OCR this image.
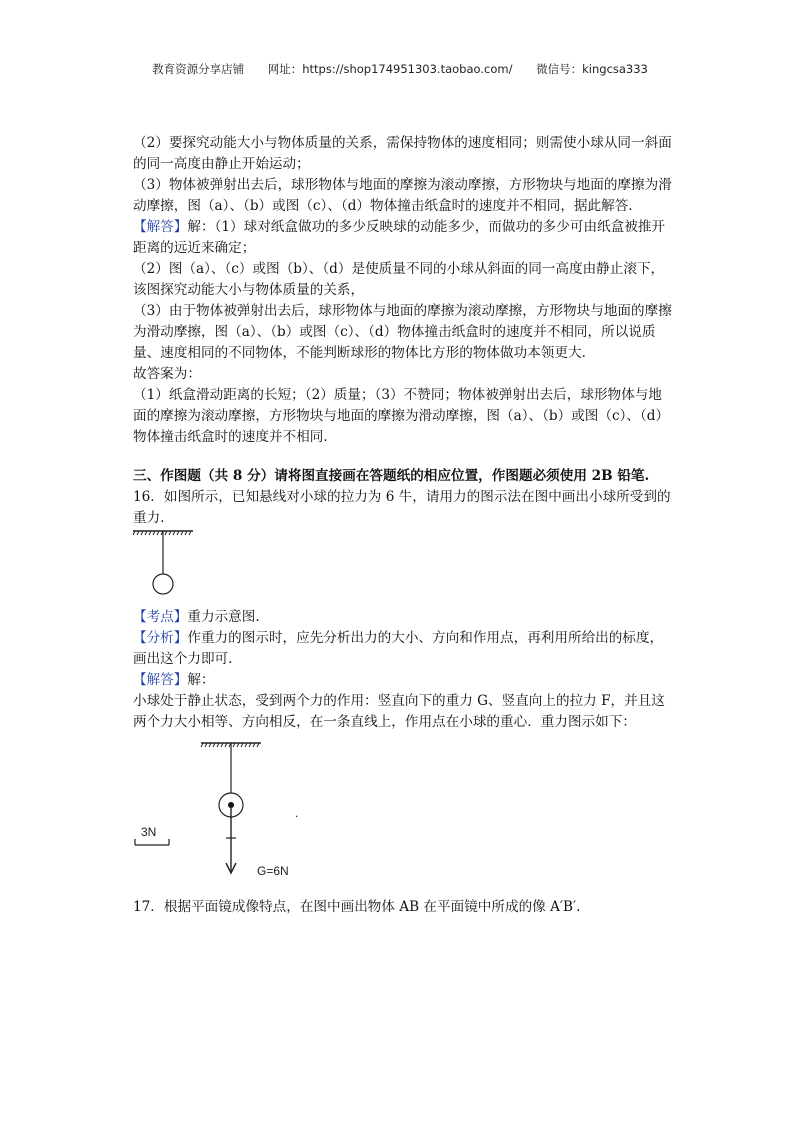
教育资源分享店铺 网址：https://shop174951303.taobao.com/ 微信号：kingcsa333

（2）要探究动能大小与物体质量的关系，需保持物体的速度相同；则需使小球从同一斜面的同一高度由静止开始运动；

（3）物体被弹射出去后，球形物体与地面的摩擦为滚动摩擦，方形物块与地面的摩擦为滑动摩擦，图（a）、（b）或图（c）、（d）物体撞击纸盒时的速度并不相同，据此解答.

【解答】解：（1）球对纸盒做功的多少反映球的动能多少，而做功的多少可由纸盒被推开距离的远近来确定；

（2）图（a）、（c）或图（b）、（d）是使质量不同的小球从斜面的同一高度由静止滚下，该图探究动能大小与物体质量的关系，

（3）由于物体被弹射出去后，球形物体与地面的摩擦为滚动摩擦，方形物块与地面的摩擦为滑动摩擦，图（a）、（b）或图（c）、（d）物体撞击纸盒时的速度并不相同，所以说质量、速度相同的不同物体，不能判断球形的物体比方形的物体做功本领更大.

故答案为：

（1）纸盒滑动距离的长短；（2）质量；（3）不赞同；物体被弹射出去后，球形物体与地面的摩擦为滚动摩擦，方形物块与地面的摩擦为滑动摩擦，图（a）、（b）或图（c）、（d）物体撞击纸盒时的速度并不相同.

三、作图题（共 8 分）请将图直接画在答题纸的相应位置，作图题必须使用 2B 铅笔.

16．如图所示，已知悬线对小球的拉力为 6 牛，请用力的图示法在图中画出小球所受到的重力.

【考点】重力示意图.

【分析】作重力的图示时，应先分析出力的大小、方向和作用点，再利用所给出的标度，画出这个力即可.

【解答】解：

小球处于静止状态，受到两个力的作用：竖直向下的重力 G、竖直向上的拉力 F，并且这两个力大小相等、方向相反，在一条直线上，作用点在小球的重心．重力图示如下：

3N
G=6N
.

17．根据平面镜成像特点，在图中画出物体 AB 在平面镜中所成的像 A′B′.
